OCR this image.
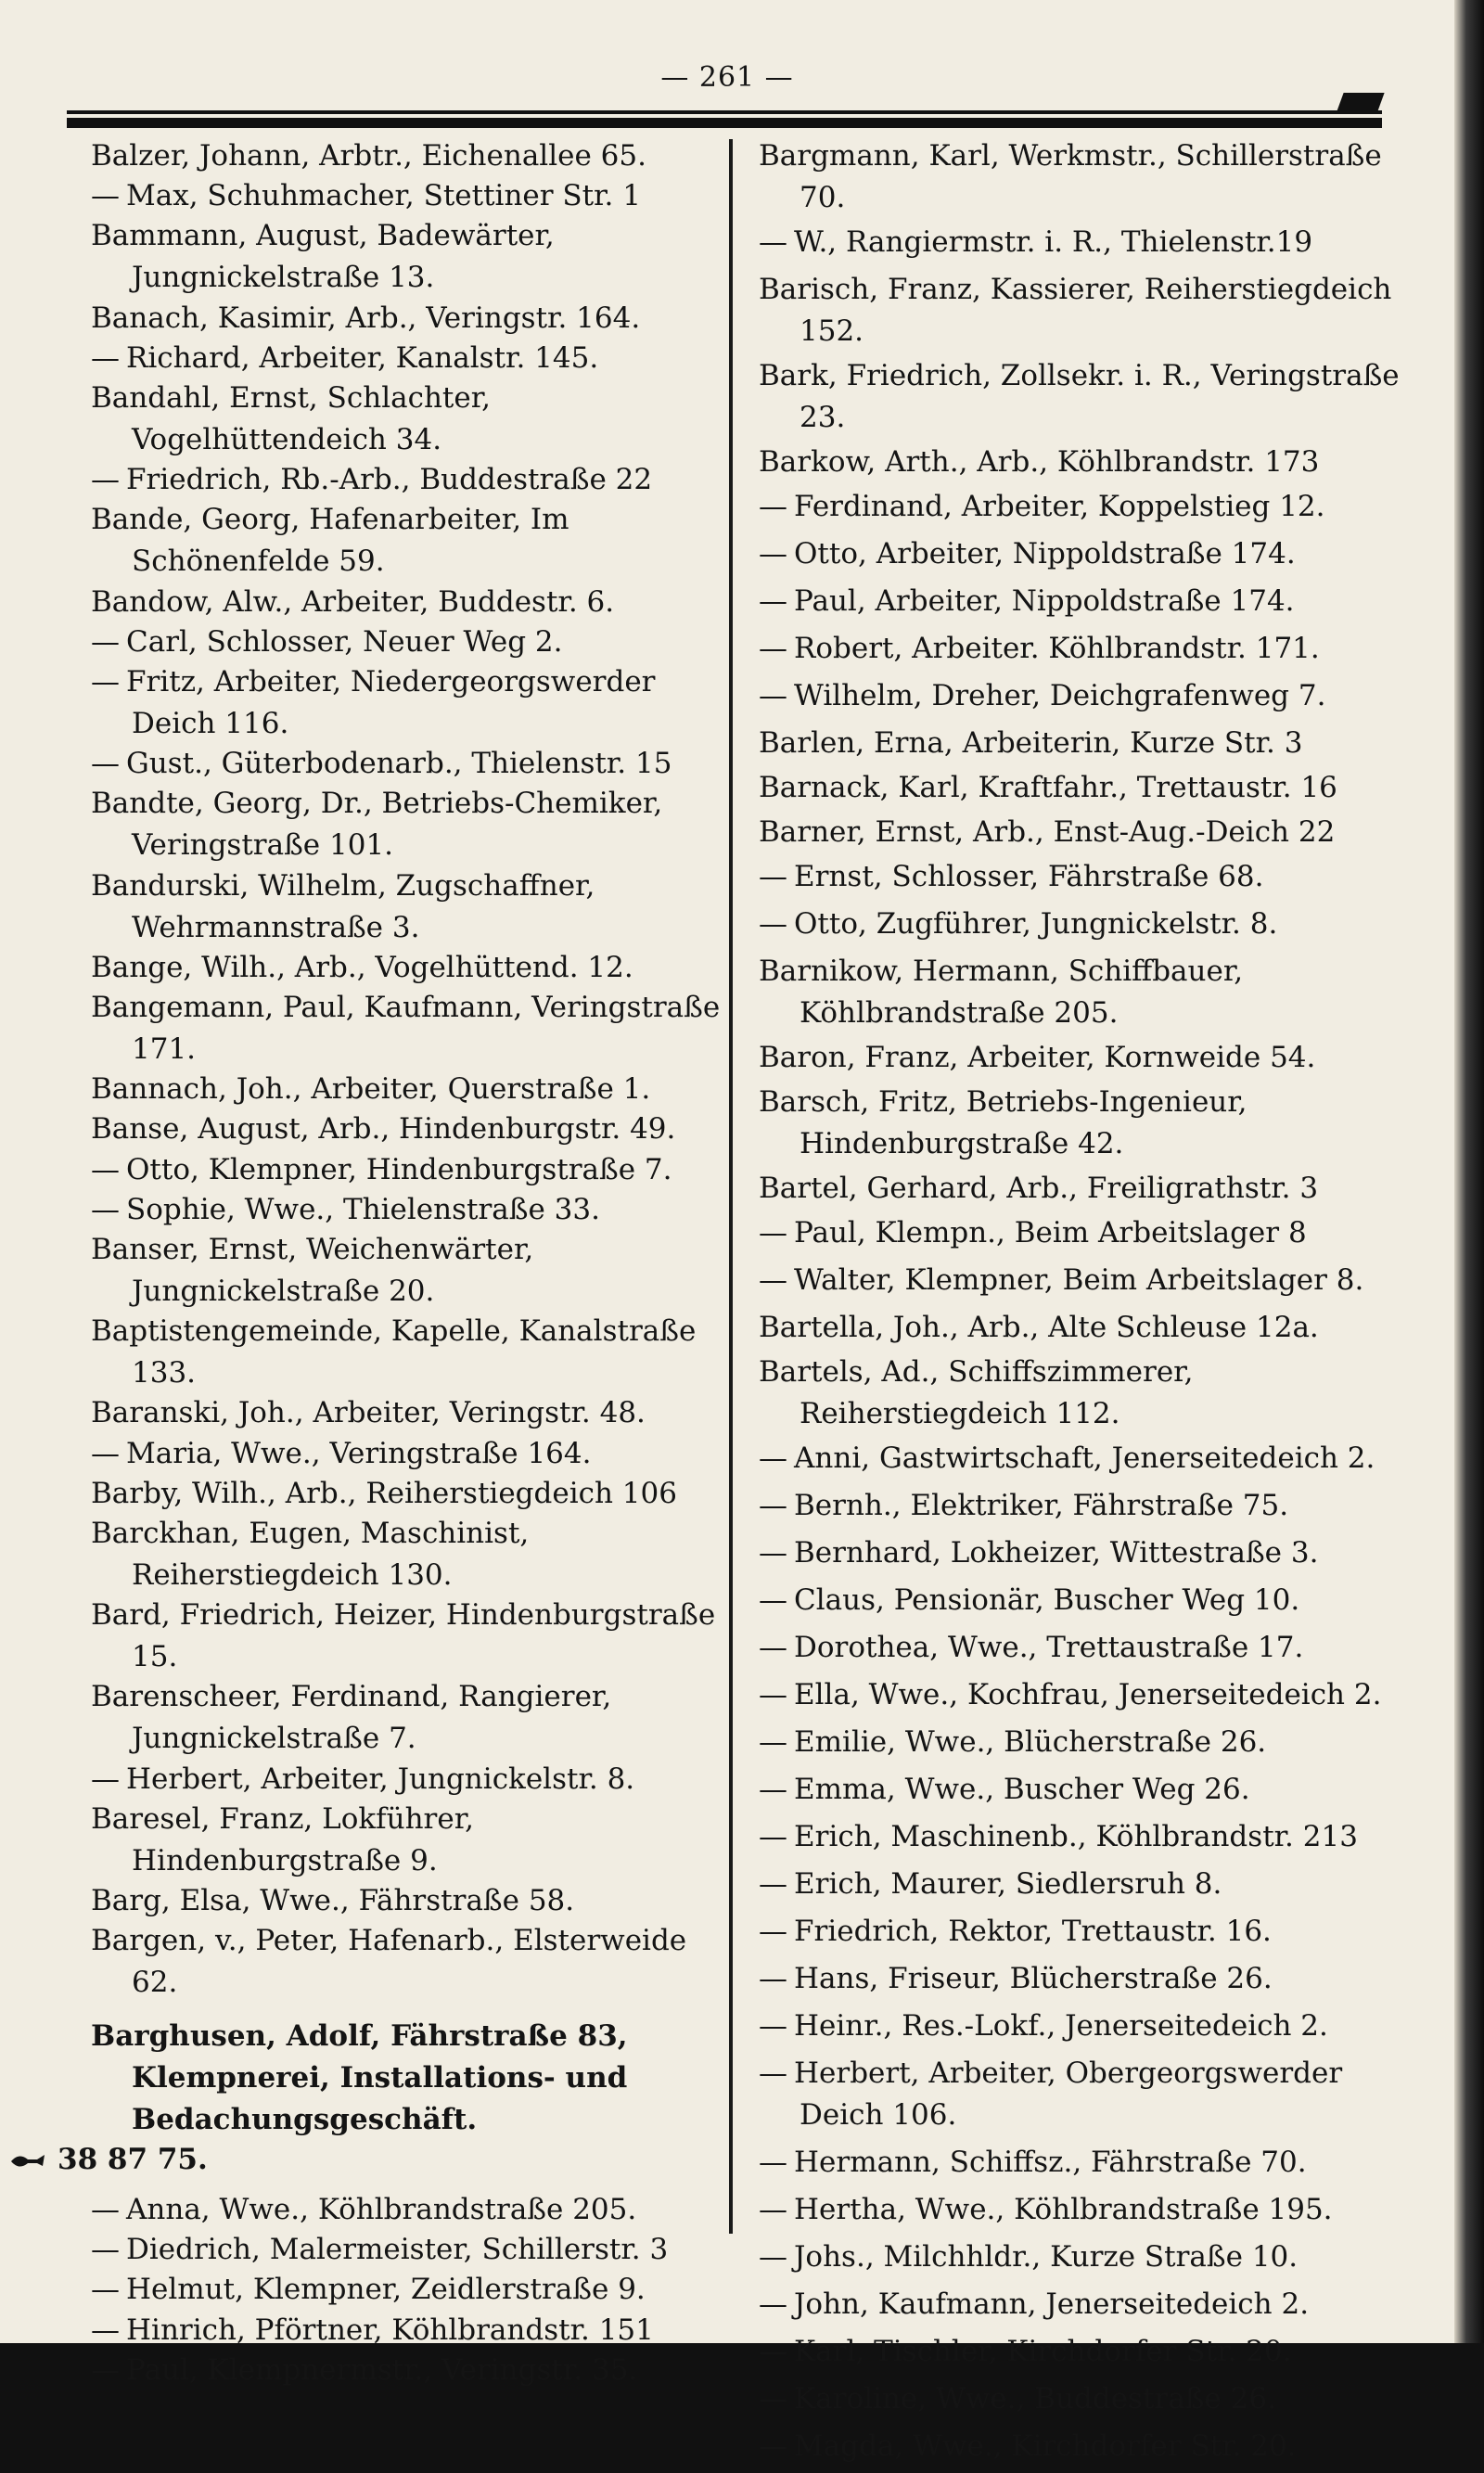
— 261 —
Balzer, Johann, Arbtr., Eichenallee 65.
— Max, Schuhmacher, Stettiner Str. 1
Bammann, August, Badewärter, Jungnickelstraße 13.
Banach, Kasimir, Arb., Veringstr. 164.
— Richard, Arbeiter, Kanalstr. 145.
Bandahl, Ernst, Schlachter, Vogelhüttendeich 34.
— Friedrich, Rb.-Arb., Buddestraße 22
Bande, Georg, Hafenarbeiter, Im Schönenfelde 59.
Bandow, Alw., Arbeiter, Buddestr. 6.
— Carl, Schlosser, Neuer Weg 2.
— Fritz, Arbeiter, Niedergeorgswerder Deich 116.
— Gust., Güterbodenarb., Thielenstr. 15
Bandte, Georg, Dr., Betriebs-Chemiker, Veringstraße 101.
Bandurski, Wilhelm, Zugschaffner, Wehrmannstraße 3.
Bange, Wilh., Arb., Vogelhüttend. 12.
Bangemann, Paul, Kaufmann, Veringstraße 171.
Bannach, Joh., Arbeiter, Querstraße 1.
Banse, August, Arb., Hindenburgstr. 49.
— Otto, Klempner, Hindenburgstraße 7.
— Sophie, Wwe., Thielenstraße 33.
Banser, Ernst, Weichenwärter, Jungnickelstraße 20.
Baptistengemeinde, Kapelle, Kanalstraße 133.
Baranski, Joh., Arbeiter, Veringstr. 48.
— Maria, Wwe., Veringstraße 164.
Barby, Wilh., Arb., Reiherstiegdeich 106
Barckhan, Eugen, Maschinist, Reiherstiegdeich 130.
Bard, Friedrich, Heizer, Hindenburgstraße 15.
Barenscheer, Ferdinand, Rangierer, Jungnickelstraße 7.
— Herbert, Arbeiter, Jungnickelstr. 8.
Baresel, Franz, Lokführer, Hindenburgstraße 9.
Barg, Elsa, Wwe., Fährstraße 58.
Bargen, v., Peter, Hafenarb., Elsterweide 62.
Barghusen, Adolf, Fährstraße 83, Klempnerei, Installations- und Bedachungsgeschäft.
38 87 75.
— Anna, Wwe., Köhlbrandstraße 205.
— Diedrich, Malermeister, Schillerstr. 3
— Helmut, Klempner, Zeidlerstraße 9.
— Hinrich, Pförtner, Köhlbrandstr. 151
— Paul, Klempnermstr., Veringstr. 35.
Bargmann, Karl, Werkmstr., Schillerstraße 70.
— W., Rangiermstr. i. R., Thielenstr.19
Barisch, Franz, Kassierer, Reiherstiegdeich 152.
Bark, Friedrich, Zollsekr. i. R., Veringstraße 23.
Barkow, Arth., Arb., Köhlbrandstr. 173
— Ferdinand, Arbeiter, Koppelstieg 12.
— Otto, Arbeiter, Nippoldstraße 174.
— Paul, Arbeiter, Nippoldstraße 174.
— Robert, Arbeiter. Köhlbrandstr. 171.
— Wilhelm, Dreher, Deichgrafenweg 7.
Barlen, Erna, Arbeiterin, Kurze Str. 3
Barnack, Karl, Kraftfahr., Trettaustr. 16
Barner, Ernst, Arb., Enst-Aug.-Deich 22
— Ernst, Schlosser, Fährstraße 68.
— Otto, Zugführer, Jungnickelstr. 8.
Barnikow, Hermann, Schiffbauer, Köhlbrandstraße 205.
Baron, Franz, Arbeiter, Kornweide 54.
Barsch, Fritz, Betriebs-Ingenieur, Hindenburgstraße 42.
Bartel, Gerhard, Arb., Freiligrathstr. 3
— Paul, Klempn., Beim Arbeitslager 8
— Walter, Klempner, Beim Arbeitslager 8.
Bartella, Joh., Arb., Alte Schleuse 12a.
Bartels, Ad., Schiffszimmerer, Reiherstiegdeich 112.
— Anni, Gastwirtschaft, Jenerseitedeich 2.
— Bernh., Elektriker, Fährstraße 75.
— Bernhard, Lokheizer, Wittestraße 3.
— Claus, Pensionär, Buscher Weg 10.
— Dorothea, Wwe., Trettaustraße 17.
— Ella, Wwe., Kochfrau, Jenerseitedeich 2.
— Emilie, Wwe., Blücherstraße 26.
— Emma, Wwe., Buscher Weg 26.
— Erich, Maschinenb., Köhlbrandstr. 213
— Erich, Maurer, Siedlersruh 8.
— Friedrich, Rektor, Trettaustr. 16.
— Hans, Friseur, Blücherstraße 26.
— Heinr., Res.-Lokf., Jenerseitedeich 2.
— Herbert, Arbeiter, Obergeorgswerder Deich 106.
— Hermann, Schiffsz., Fährstraße 70.
— Hertha, Wwe., Köhlbrandstraße 195.
— Johs., Milchhldr., Kurze Straße 10.
— John, Kaufmann, Jenerseitedeich 2.
— Karl, Tischler, Kirchdorfer Str. 20.
— Karoline, Wwe., Buddestraße 26.
— Magda, Wwe., Kirchdorfer Str. 20.
